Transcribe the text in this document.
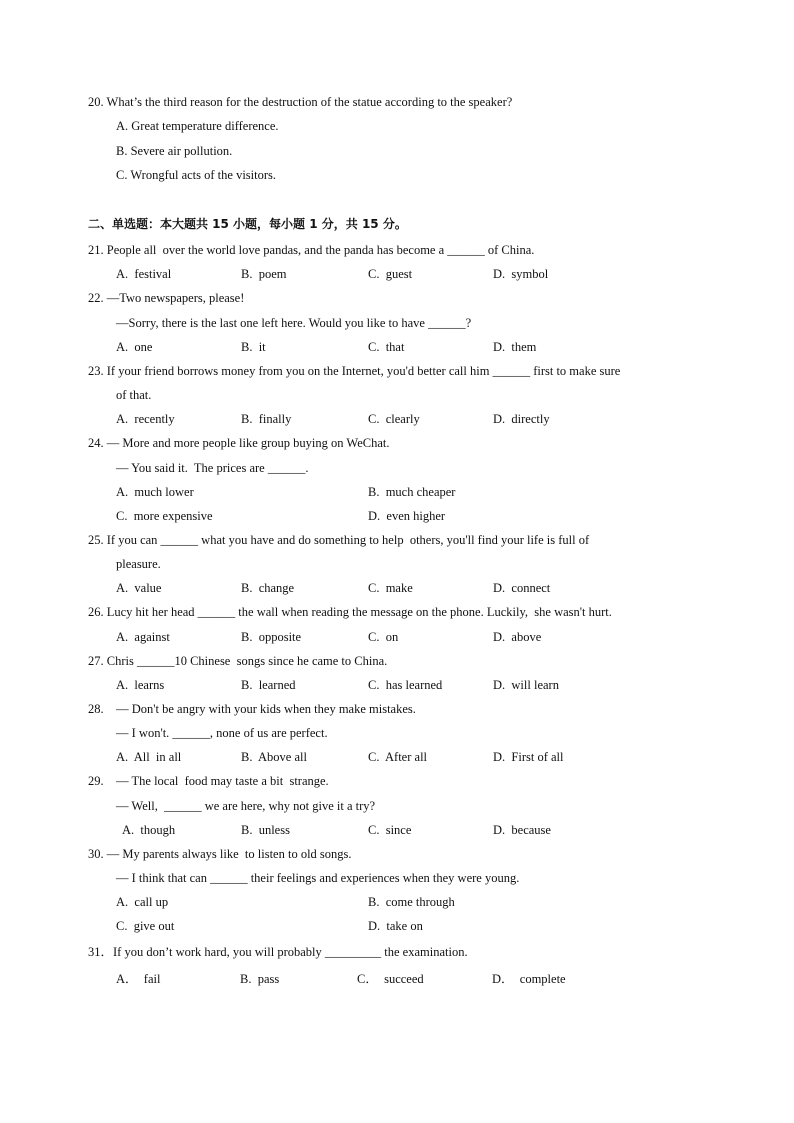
20. What’s the third reason for the destruction of the statue according to the speaker?
A. Great temperature difference.
B. Severe air pollution.
C. Wrongful acts of the visitors.
二、单选题：本大题共 15 小题，每小题 1 分，共 15 分。
21. People all  over the world love pandas, and the panda has become a ______ of China.
A.  festival	B.  poem	C.  guest	D.  symbol
22. —Two newspapers, please!
—Sorry, there is the last one left here. Would you like to have ______?
A.  one	B.  it	C.  that	D.  them
23. If your friend borrows money from you on the Internet, you'd better call him ______ first to make sure
of that.
A.  recently	B.  finally	C.  clearly	D.  directly
24. — More and more people like group buying on WeChat.
— You said it.  The prices are ______.
A.  much lower	B.  much cheaper
C.  more expensive	D.  even higher
25. If you can ______ what you have and do something to help  others, you'll find your life is full of
pleasure.
A.  value	B.  change	C.  make	D.  connect
26. Lucy hit her head ______ the wall when reading the message on the phone. Luckily,  she wasn't hurt.
A.  against	B.  opposite	C.  on	D.  above
27. Chris ______10 Chinese  songs since he came to China.
A.  learns	B.  learned	C.  has learned	D.  will learn
28.    — Don't be angry with your kids when they make mistakes.
— I won't. ______, none of us are perfect.
A.  All  in all	B.  Above all	C.  After all	D.  First of all
29.    — The local  food may taste a bit  strange.
— Well,  ______ we are here, why not give it a try?
A.  though	B.  unless	C.  since	D.  because
30. — My parents always like  to listen to old songs.
— I think that can ______ their feelings and experiences when they were young.
A.  call up	B.  come through
C.  give out	D.  take on
31．If you don’t work hard, you will probably _________ the examination.
A．  fail	B.  pass	C．  succeed	D．  complete
